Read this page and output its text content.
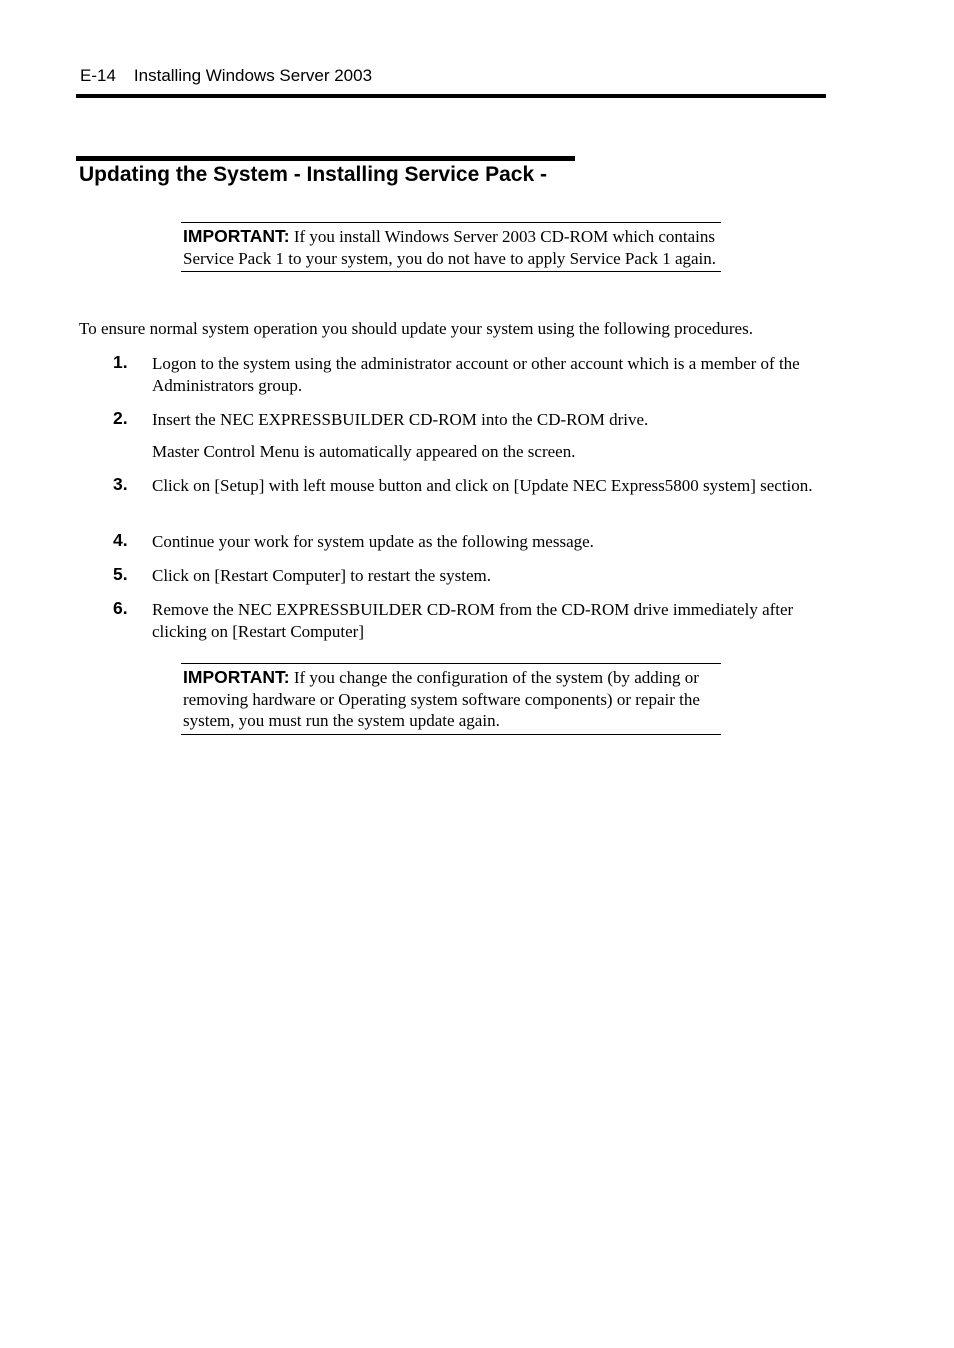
E-14 Installing Windows Server 2003
Updating the System - Installing Service Pack -
IMPORTANT: If you install Windows Server 2003 CD-ROM which contains Service Pack 1 to your system, you do not have to apply Service Pack 1 again.
To ensure normal system operation you should update your system using the following procedures.
1. Logon to the system using the administrator account or other account which is a member of the Administrators group.
2. Insert the NEC EXPRESSBUILDER CD-ROM into the CD-ROM drive.
Master Control Menu is automatically appeared on the screen.
3. Click on [Setup] with left mouse button and click on [Update NEC Express5800 system] section.
4. Continue your work for system update as the following message.
5. Click on [Restart Computer] to restart the system.
6. Remove the NEC EXPRESSBUILDER CD-ROM from the CD-ROM drive immediately after clicking on [Restart Computer]
IMPORTANT: If you change the configuration of the system (by adding or removing hardware or Operating system software components) or repair the system, you must run the system update again.
